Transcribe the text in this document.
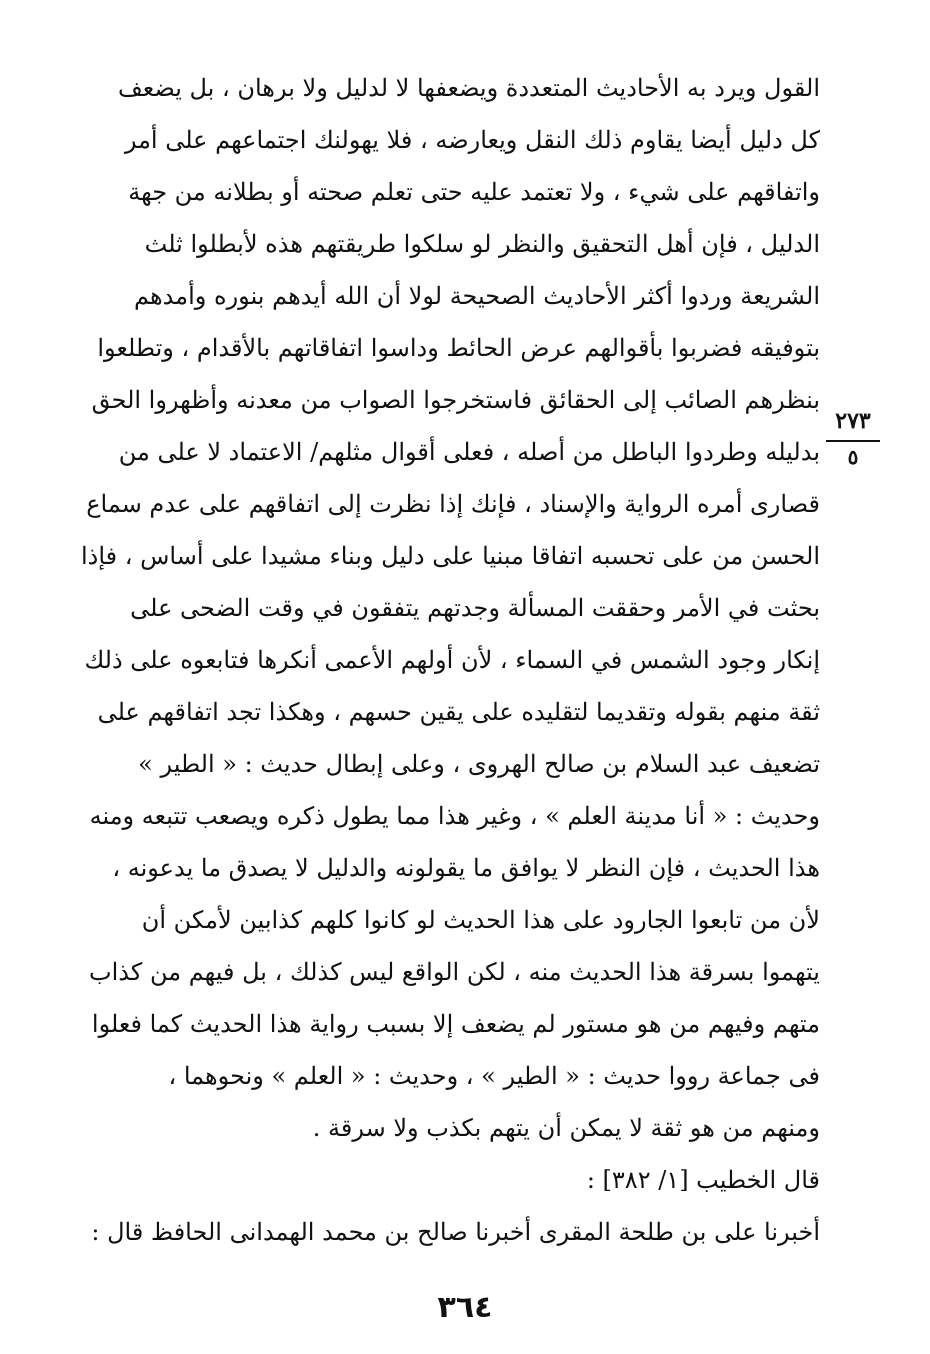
القول ويرد به الأحاديث المتعددة ويضعفها لا لدليل ولا برهان ، بل يضعف
كل دليل أيضا يقاوم ذلك النقل ويعارضه ، فلا يهولنك اجتماعهم على أمر
واتفاقهم على شيء ، ولا تعتمد عليه حتى تعلم صحته أو بطلانه من جهة
الدليل ، فإن أهل التحقيق والنظر لو سلكوا طريقتهم هذه لأبطلوا ثلث
الشريعة وردوا أكثر الأحاديث الصحيحة لولا أن الله أيدهم بنوره وأمدهم
بتوفيقه فضربوا بأقوالهم عرض الحائط وداسوا اتفاقاتهم بالأقدام ، وتطلعوا
بنظرهم الصائب إلى الحقائق فاستخرجوا الصواب من معدنه وأظهروا الحق
بدليله وطردوا الباطل من أصله ، فعلى أقوال مثلهم/ الاعتماد لا على من
قصارى أمره الرواية والإسناد ، فإنك إذا نظرت إلى اتفاقهم على عدم سماع
الحسن من على تحسبه اتفاقا مبنيا على دليل وبناء مشيدا على أساس ، فإذا
بحثت في الأمر وحققت المسألة وجدتهم يتفقون في وقت الضحى على
إنكار وجود الشمس في السماء ، لأن أولهم الأعمى أنكرها فتابعوه على ذلك
ثقة منهم بقوله وتقديما لتقليده على يقين حسهم ، وهكذا تجد اتفاقهم على
تضعيف عبد السلام بن صالح الهروى ، وعلى إبطال حديث : « الطير »
وحديث : « أنا مدينة العلم » ، وغير هذا مما يطول ذكره ويصعب تتبعه ومنه
هذا الحديث ، فإن النظر لا يوافق ما يقولونه والدليل لا يصدق ما يدعونه ،
لأن من تابعوا الجارود على هذا الحديث لو كانوا كلهم كذابين لأمكن أن
يتهموا بسرقة هذا الحديث منه ، لكن الواقع ليس كذلك ، بل فيهم من كذاب
متهم وفيهم من هو مستور لم يضعف إلا بسبب رواية هذا الحديث كما فعلوا
فى جماعة رووا حديث : « الطير » ، وحديث : « العلم » ونحوهما ،
ومنهم من هو ثقة لا يمكن أن يتهم بكذب ولا سرقة .
قال الخطيب [١/ ٣٨٢] :
أخبرنا على بن طلحة المقرى أخبرنا صالح بن محمد الهمدانى الحافظ قال :
٢٧٣
٥
٣٦٤
